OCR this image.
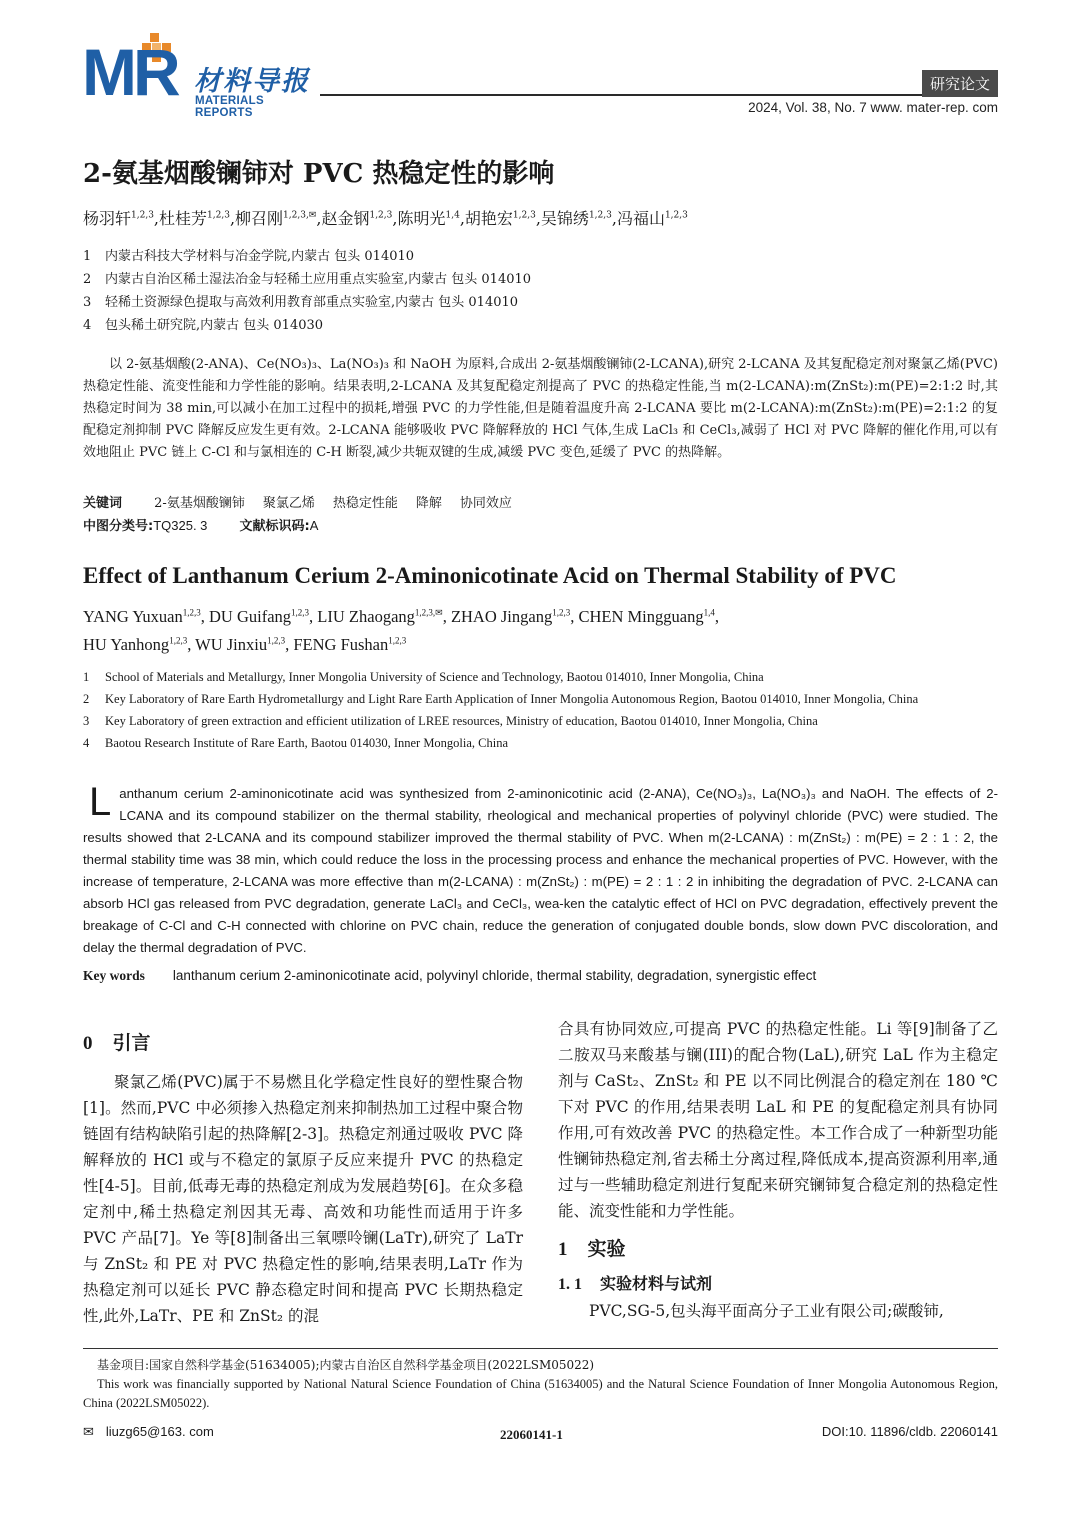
MR 材料导报
MATERIALS REPORTS
研究论文
2024, Vol. 38, No. 7 www. mater-rep. com
2-氨基烟酸镧铈对 PVC 热稳定性的影响
杨羽轩$^{1,2,3}$,杜桂芳$^{1,2,3}$,柳召刚$^{1,2,3,✉}$,赵金钢$^{1,2,3}$,陈明光$^{1,4}$,胡艳宏$^{1,2,3}$,吴锦绣$^{1,2,3}$,冯福山$^{1,2,3}$
1	内蒙古科技大学材料与冶金学院,内蒙古 包头 014010
2	内蒙古自治区稀土湿法冶金与轻稀土应用重点实验室,内蒙古 包头 014010
3	轻稀土资源绿色提取与高效利用教育部重点实验室,内蒙古 包头 014010
4	包头稀土研究院,内蒙古 包头 014030
以 2-氨基烟酸(2-ANA)、Ce(NO₃)₃、La(NO₃)₃ 和 NaOH 为原料,合成出 2-氨基烟酸镧铈(2-LCANA),研究 2-LCANA 及其复配稳定剂对聚氯乙烯(PVC)热稳定性能、流变性能和力学性能的影响。结果表明,2-LCANA 及其复配稳定剂提高了 PVC 的热稳定性能,当 m(2-LCANA):m(ZnSt₂):m(PE)=2:1:2 时,其热稳定时间为 38 min,可以减小在加工过程中的损耗,增强 PVC 的力学性能,但是随着温度升高 2-LCANA 要比 m(2-LCANA):m(ZnSt₂):m(PE)=2:1:2 的复配稳定剂抑制 PVC 降解反应发生更有效。2-LCANA 能够吸收 PVC 降解释放的 HCl 气体,生成 LaCl₃ 和 CeCl₃,减弱了 HCl 对 PVC 降解的催化作用,可以有效地阻止 PVC 链上 C-Cl 和与氯相连的 C-H 断裂,减少共轭双键的生成,减缓 PVC 变色,延缓了 PVC 的热降解。
关键词 2-氨基烟酸镧铈 聚氯乙烯 热稳定性能 降解 协同效应
中图分类号:TQ325. 3 文献标识码:A
Effect of Lanthanum Cerium 2-Aminonicotinate Acid on Thermal Stability of PVC
YANG Yuxuan$^{1,2,3}$, DU Guifang$^{1,2,3}$, LIU Zhaogang$^{1,2,3,✉}$, ZHAO Jingang$^{1,2,3}$, CHEN Mingguang$^{1,4}$,
HU Yanhong$^{1,2,3}$, WU Jinxiu$^{1,2,3}$, FENG Fushan$^{1,2,3}$
1	School of Materials and Metallurgy, Inner Mongolia University of Science and Technology, Baotou 014010, Inner Mongolia, China
2	Key Laboratory of Rare Earth Hydrometallurgy and Light Rare Earth Application of Inner Mongolia Autonomous Region, Baotou 014010, Inner Mongolia, China
3	Key Laboratory of green extraction and efficient utilization of LREE resources, Ministry of education, Baotou 014010, Inner Mongolia, China
4	Baotou Research Institute of Rare Earth, Baotou 014030, Inner Mongolia, China
Lanthanum cerium 2-aminonicotinate acid was synthesized from 2-aminonicotinic acid (2-ANA), Ce(NO₃)₃, La(NO₃)₃ and NaOH. The effects of 2-LCANA and its compound stabilizer on the thermal stability, rheological and mechanical properties of polyvinyl chloride (PVC) were studied. The results showed that 2-LCANA and its compound stabilizer improved the thermal stability of PVC. When m(2-LCANA) : m(ZnSt₂) : m(PE) = 2 : 1 : 2, the thermal stability time was 38 min, which could reduce the loss in the processing process and enhance the mechanical properties of PVC. However, with the increase of temperature, 2-LCANA was more effective than m(2-LCANA) : m(ZnSt₂) : m(PE) = 2 : 1 : 2 in inhibiting the degradation of PVC. 2-LCANA can absorb HCl gas released from PVC degradation, generate LaCl₃ and CeCl₃, wea-ken the catalytic effect of HCl on PVC degradation, effectively prevent the breakage of C-Cl and C-H connected with chlorine on PVC chain, reduce the generation of conjugated double bonds, slow down PVC discoloration, and delay the thermal degradation of PVC.
Key words lanthanum cerium 2-aminonicotinate acid, polyvinyl chloride, thermal stability, degradation, synergistic effect
0 引言

聚氯乙烯(PVC)属于不易燃且化学稳定性良好的塑性聚合物[1]。然而,PVC 中必须掺入热稳定剂来抑制热加工过程中聚合物链固有结构缺陷引起的热降解[2-3]。热稳定剂通过吸收 PVC 降解释放的 HCl 或与不稳定的氯原子反应来提升 PVC 的热稳定性[4-5]。目前,低毒无毒的热稳定剂成为发展趋势[6]。在众多稳定剂中,稀土热稳定剂因其无毒、高效和功能性而适用于许多 PVC 产品[7]。Ye 等[8]制备出三氧嘌呤镧(LaTr),研究了 LaTr 与 ZnSt₂ 和 PE 对 PVC 热稳定性的影响,结果表明,LaTr 作为热稳定剂可以延长 PVC 静态稳定时间和提高 PVC 长期热稳定性,此外,LaTr、PE 和 ZnSt₂ 的混

合具有协同效应,可提高 PVC 的热稳定性能。Li 等[9]制备了乙二胺双马来酸基与镧(III)的配合物(LaL),研究 LaL 作为主稳定剂与 CaSt₂、ZnSt₂ 和 PE 以不同比例混合的稳定剂在 180 ℃下对 PVC 的作用,结果表明 LaL 和 PE 的复配稳定剂具有协同作用,可有效改善 PVC 的热稳定性。本工作合成了一种新型功能性镧铈热稳定剂,省去稀土分离过程,降低成本,提高资源利用率,通过与一些辅助稳定剂进行复配来研究镧铈复合稳定剂的热稳定性能、流变性能和力学性能。

1 实验
1. 1 实验材料与试剂

PVC,SG-5,包头海平面高分子工业有限公司;碳酸铈,

基金项目:国家自然科学基金(51634005);内蒙古自治区自然科学基金项目(2022LSM05022)
This work was financially supported by National Natural Science Foundation of China (51634005) and the Natural Science Foundation of Inner Mongolia Autonomous Region, China (2022LSM05022).
✉ liuzg65@163. com	22060141-1	DOI:10. 11896/cldb. 22060141
